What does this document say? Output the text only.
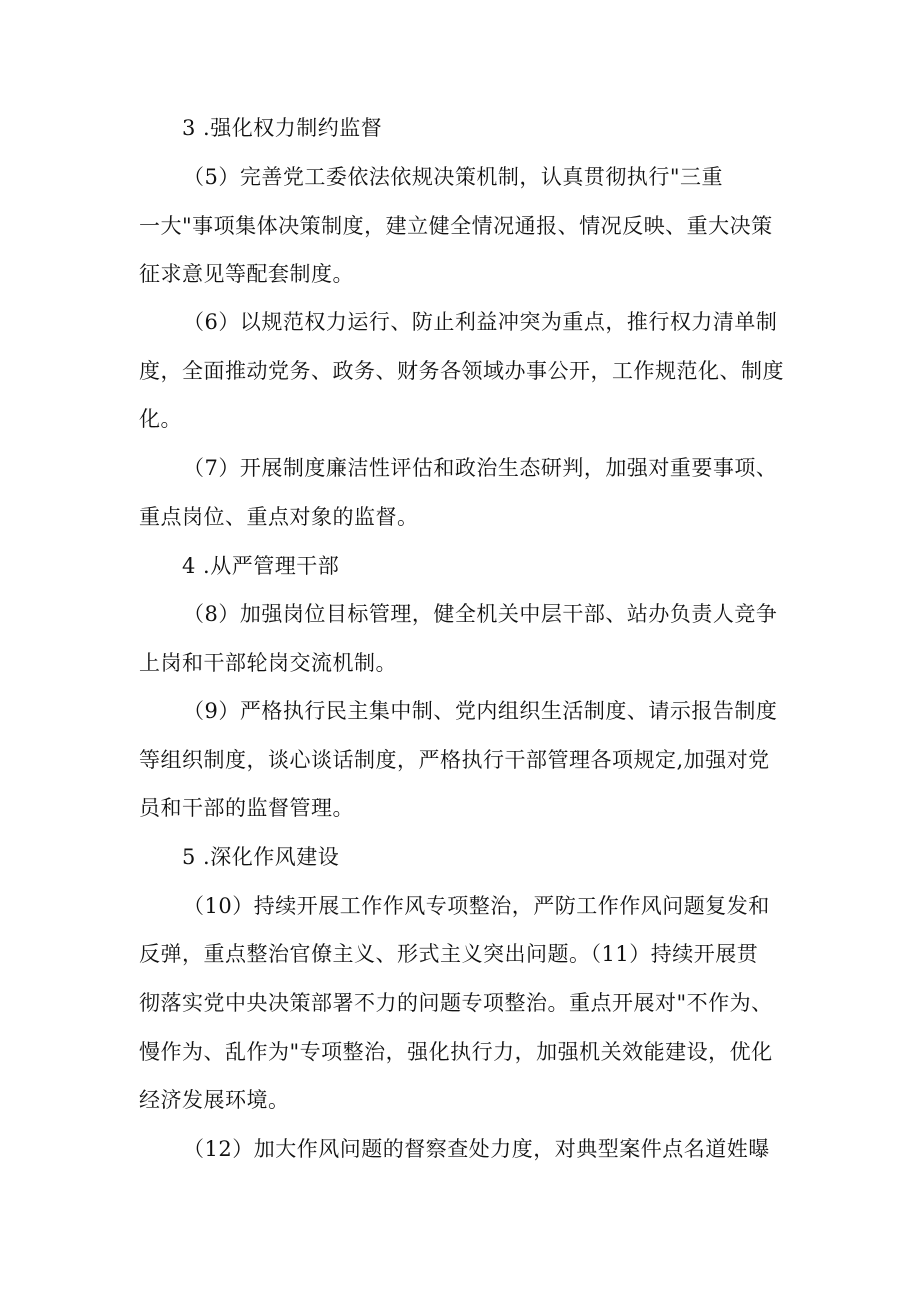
3 .强化权力制约监督
（5）完善党工委依法依规决策机制，认真贯彻执行"三重
一大"事项集体决策制度，建立健全情况通报、情况反映、重大决策
征求意见等配套制度。
（6）以规范权力运行、防止利益冲突为重点，推行权力清单制
度，全面推动党务、政务、财务各领域办事公开，工作规范化、制度
化。
（7）开展制度廉洁性评估和政治生态研判，加强对重要事项、
重点岗位、重点对象的监督。
4 .从严管理干部
（8）加强岗位目标管理，健全机关中层干部、站办负责人竞争
上岗和干部轮岗交流机制。
（9）严格执行民主集中制、党内组织生活制度、请示报告制度
等组织制度，谈心谈话制度，严格执行干部管理各项规定,加强对党
员和干部的监督管理。
5 .深化作风建设
（10）持续开展工作作风专项整治，严防工作作风问题复发和
反弹，重点整治官僚主义、形式主义突出问题。（11）持续开展贯
彻落实党中央决策部署不力的问题专项整治。重点开展对"不作为、
慢作为、乱作为"专项整治，强化执行力，加强机关效能建设，优化
经济发展环境。
（12）加大作风问题的督察查处力度，对典型案件点名道姓曝
